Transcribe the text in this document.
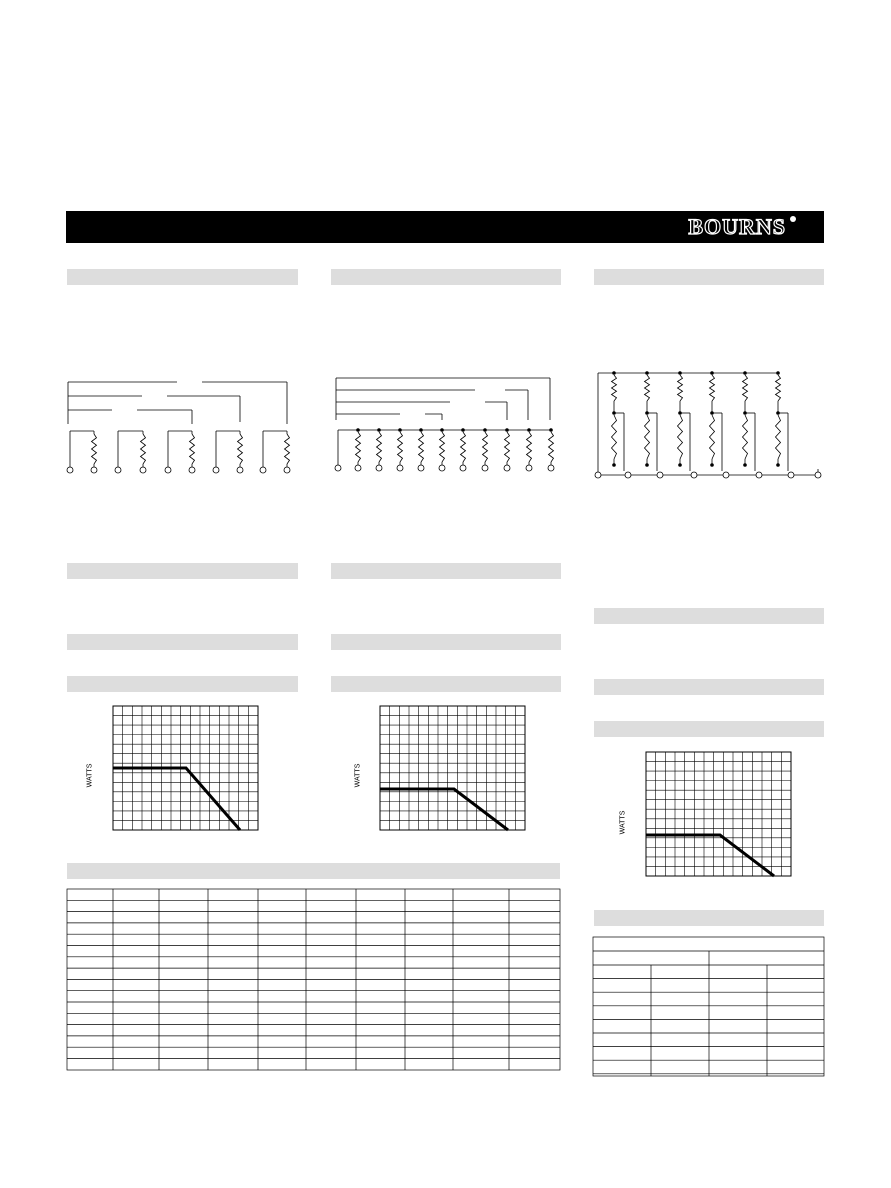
BOURNS
WATTS	WATTS
WATTS
